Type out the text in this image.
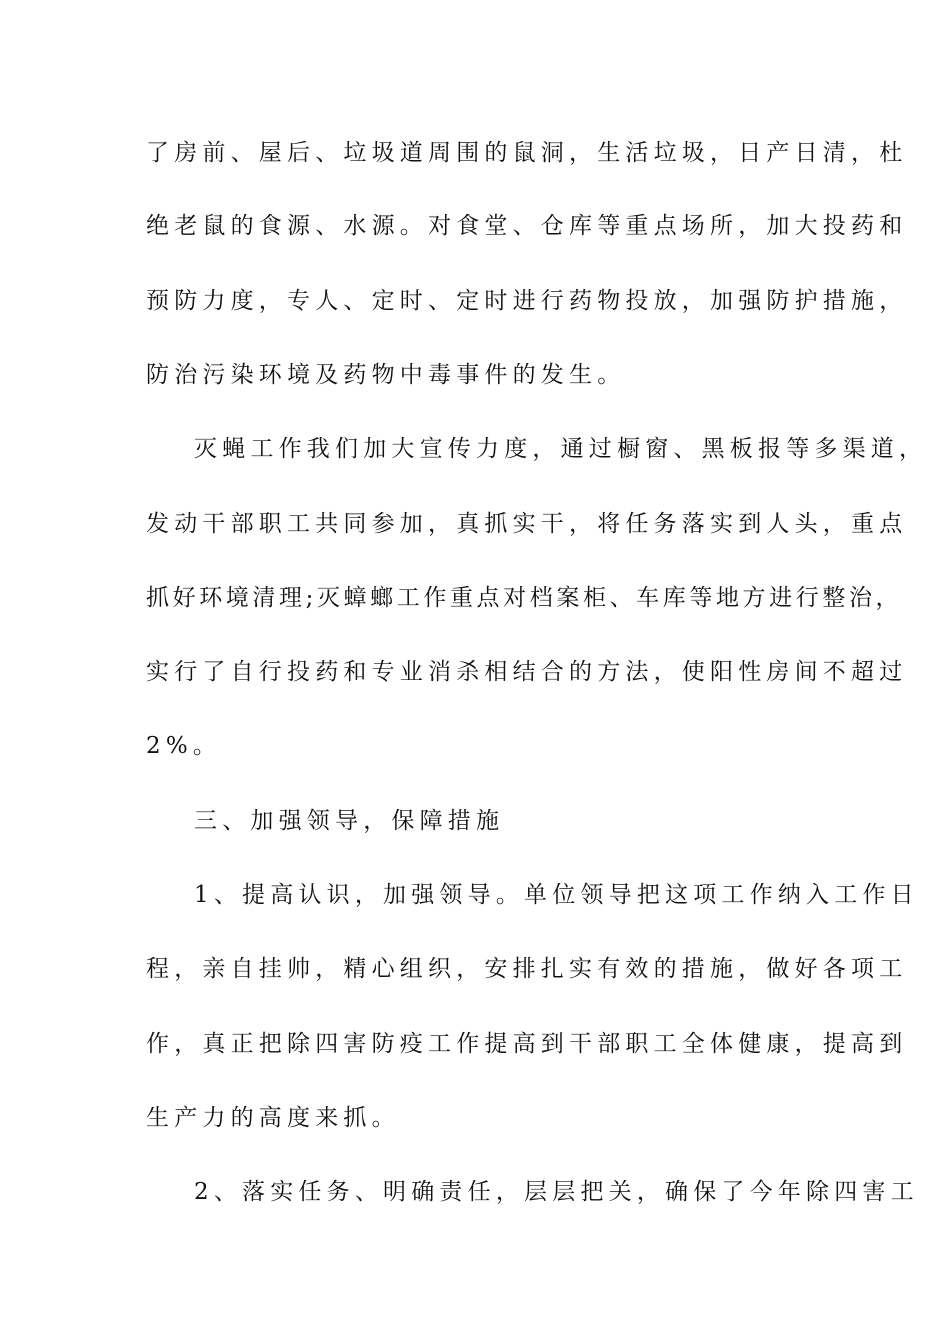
了房前、屋后、垃圾道周围的鼠洞，生活垃圾，日产日清，杜
绝老鼠的食源、水源。对食堂、仓库等重点场所，加大投药和
预防力度，专人、定时、定时进行药物投放，加强防护措施，
防治污染环境及药物中毒事件的发生。
灭蝇工作我们加大宣传力度，通过橱窗、黑板报等多渠道，
发动干部职工共同参加，真抓实干，将任务落实到人头，重点
抓好环境清理;灭蟑螂工作重点对档案柜、车库等地方进行整治，
实行了自行投药和专业消杀相结合的方法，使阳性房间不超过
2%。
三、加强领导，保障措施
1、提高认识，加强领导。单位领导把这项工作纳入工作日
程，亲自挂帅，精心组织，安排扎实有效的措施，做好各项工
作，真正把除四害防疫工作提高到干部职工全体健康，提高到
生产力的高度来抓。
2、落实任务、明确责任，层层把关，确保了今年除四害工
